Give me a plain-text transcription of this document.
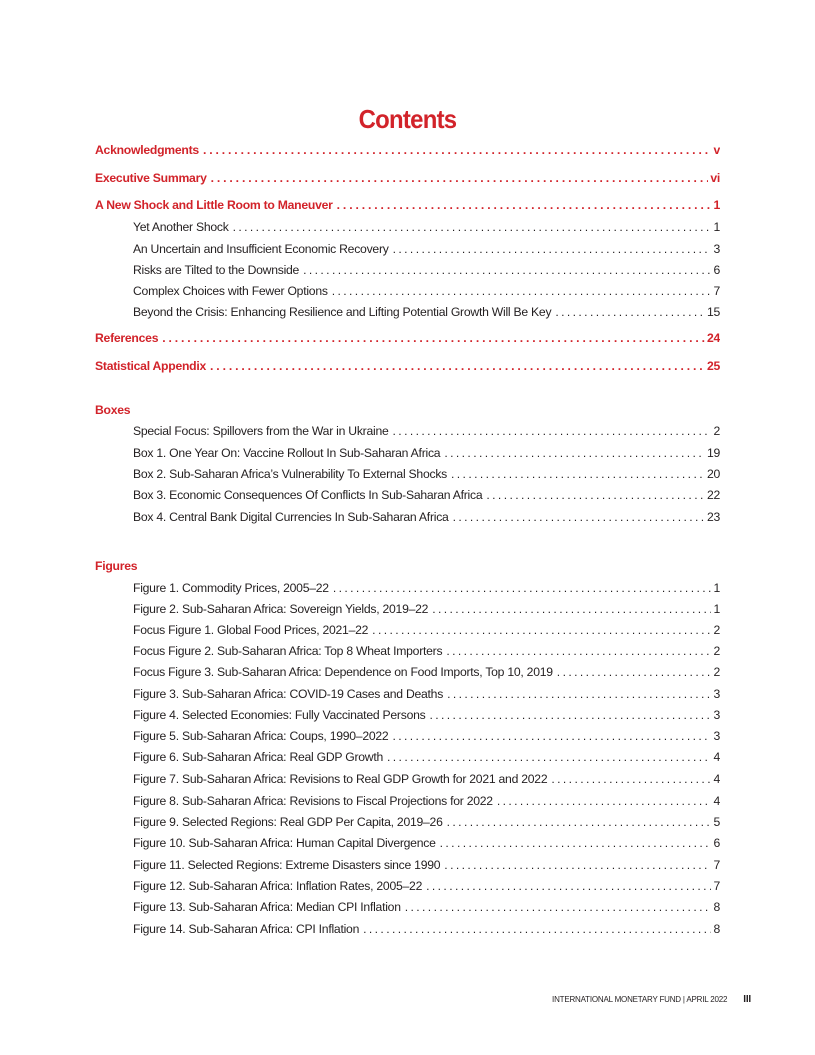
Contents
Acknowledgments . . .	v
Executive Summary . . .	vi
A New Shock and Little Room to Maneuver . . .	1
Yet Another Shock . . .	1
An Uncertain and Insufficient Economic Recovery . . .	3
Risks are Tilted to the Downside . . .	6
Complex Choices with Fewer Options . . .	7
Beyond the Crisis: Enhancing Resilience and Lifting Potential Growth Will Be Key . . .	15
References . . .	24
Statistical Appendix . . .	25
Boxes
Special Focus: Spillovers from the War in Ukraine . . .	2
Box 1. One Year On: Vaccine Rollout In Sub-Saharan Africa . . .	19
Box 2. Sub-Saharan Africa’s Vulnerability To External Shocks . . .	20
Box 3. Economic Consequences Of Conflicts In Sub-Saharan Africa . . .	22
Box 4. Central Bank Digital Currencies In Sub-Saharan Africa . . .	23
Figures
Figure 1. Commodity Prices, 2005–22 . . .	1
Figure 2. Sub-Saharan Africa: Sovereign Yields, 2019–22 . . .	1
Focus Figure 1. Global Food Prices, 2021–22 . . .	2
Focus Figure 2. Sub-Saharan Africa: Top 8 Wheat Importers . . .	2
Focus Figure 3. Sub-Saharan Africa: Dependence on Food Imports, Top 10, 2019 . . .	2
Figure 3. Sub-Saharan Africa: COVID-19 Cases and Deaths . . .	3
Figure 4. Selected Economies: Fully Vaccinated Persons . . .	3
Figure 5. Sub-Saharan Africa: Coups, 1990–2022 . . .	3
Figure 6. Sub-Saharan Africa: Real GDP Growth . . .	4
Figure 7. Sub-Saharan Africa: Revisions to Real GDP Growth for 2021 and 2022 . . .	4
Figure 8. Sub-Saharan Africa: Revisions to Fiscal Projections for 2022 . . .	4
Figure 9. Selected Regions: Real GDP Per Capita, 2019–26 . . .	5
Figure 10. Sub-Saharan Africa: Human Capital Divergence . . .	6
Figure 11. Selected Regions: Extreme Disasters since 1990 . . .	7
Figure 12. Sub-Saharan Africa: Inflation Rates, 2005–22 . . .	7
Figure 13. Sub-Saharan Africa: Median CPI Inflation . . .	8
Figure 14. Sub-Saharan Africa: CPI Inflation . . .	8
INTERNATIONAL MONETARY FUND | APRIL 2022 III
